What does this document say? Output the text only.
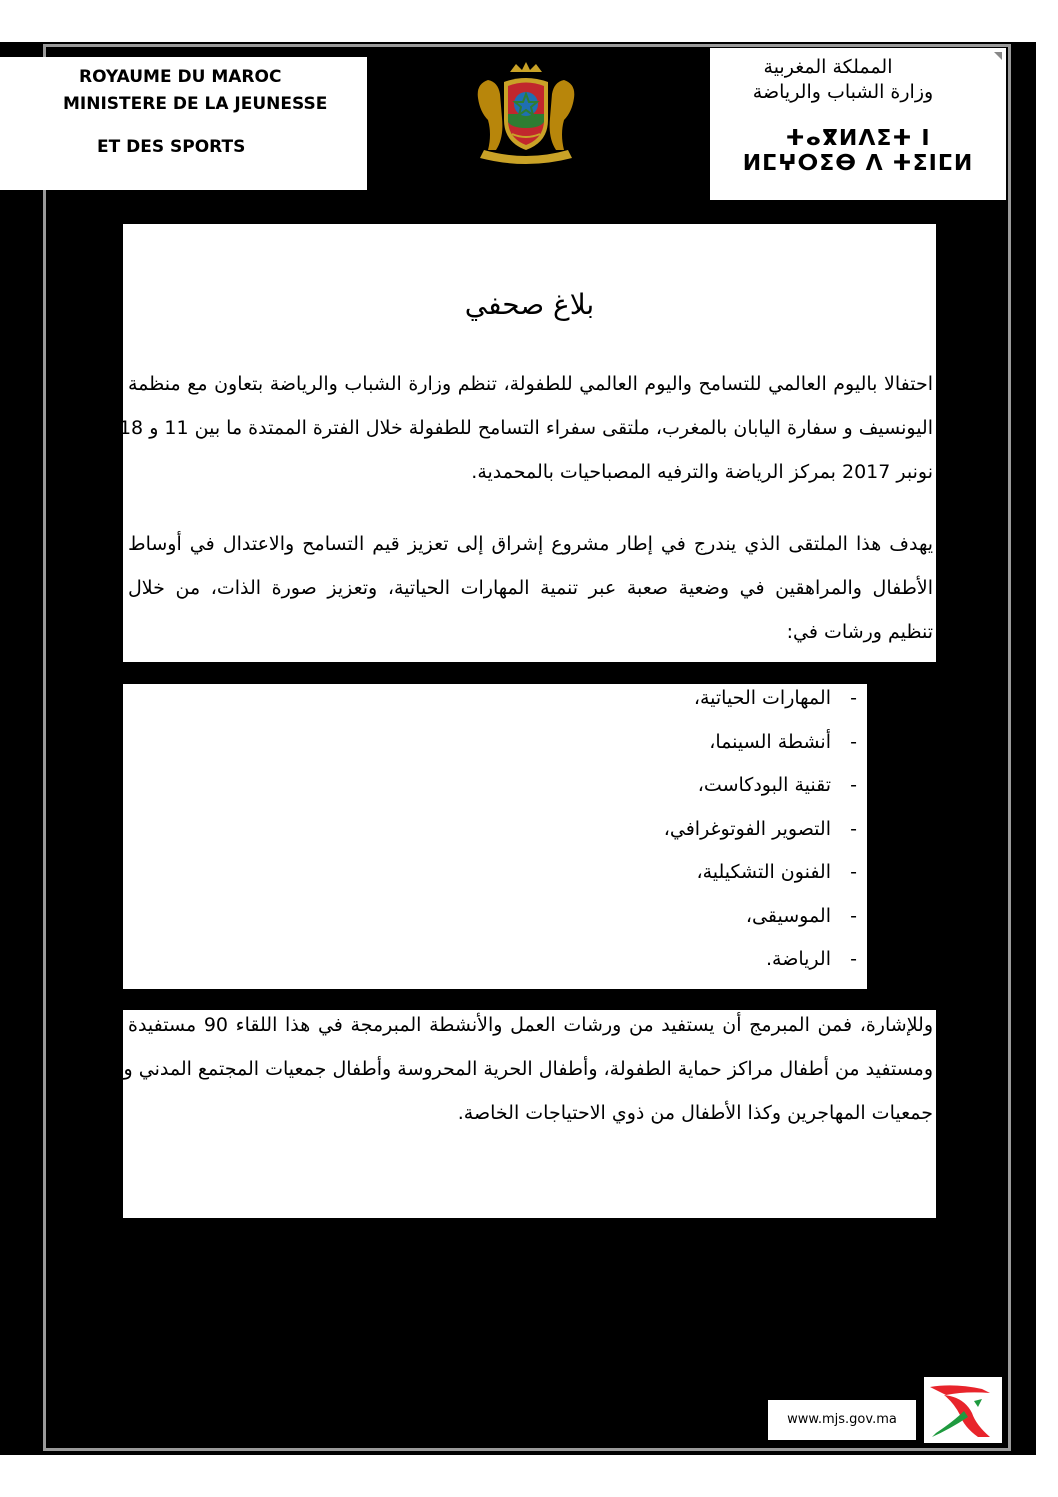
ROYAUME DU MAROC
MINISTERE DE LA JEUNESSE
ET DES SPORTS
المملكة المغربية
وزارة الشباب والرياضة
ⵜⴰⴳⵍⴷⵉⵜ ⵏ ⵍⵎⵖⵔⵉⴱ ⴷ ⵜⵉⵏⵎⵍ
بلاغ صحفي
احتفالا باليوم العالمي للتسامح واليوم العالمي للطفولة، تنظم وزارة الشباب والرياضة بتعاون مع منظمة
اليونسيف و سفارة اليابان بالمغرب، ملتقى سفراء التسامح للطفولة خلال الفترة الممتدة ما بين 11 و 18
نونبر 2017 بمركز الرياضة والترفيه المصباحيات بالمحمدية.
يهدف هذا الملتقى الذي يندرج في إطار مشروع إشراق إلى تعزيز قيم التسامح والاعتدال في أوساط
الأطفال والمراهقين في وضعية صعبة عبر تنمية المهارات الحياتية، وتعزيز صورة الذات، من خلال
تنظيم ورشات في:
-
المهارات الحياتية،
-
أنشطة السينما،
-
تقنية البودكاست،
-
التصوير الفوتوغرافي،
-
الفنون التشكيلية،
-
الموسيقى،
-
الرياضة.
وللإشارة، فمن المبرمج أن يستفيد من ورشات العمل والأنشطة المبرمجة في هذا اللقاء 90 مستفيدة
ومستفيد من أطفال مراكز حماية الطفولة، وأطفال الحرية المحروسة وأطفال جمعيات المجتمع المدني و
جمعيات المهاجرين وكذا الأطفال من ذوي الاحتياجات الخاصة.
www.mjs.gov.ma
